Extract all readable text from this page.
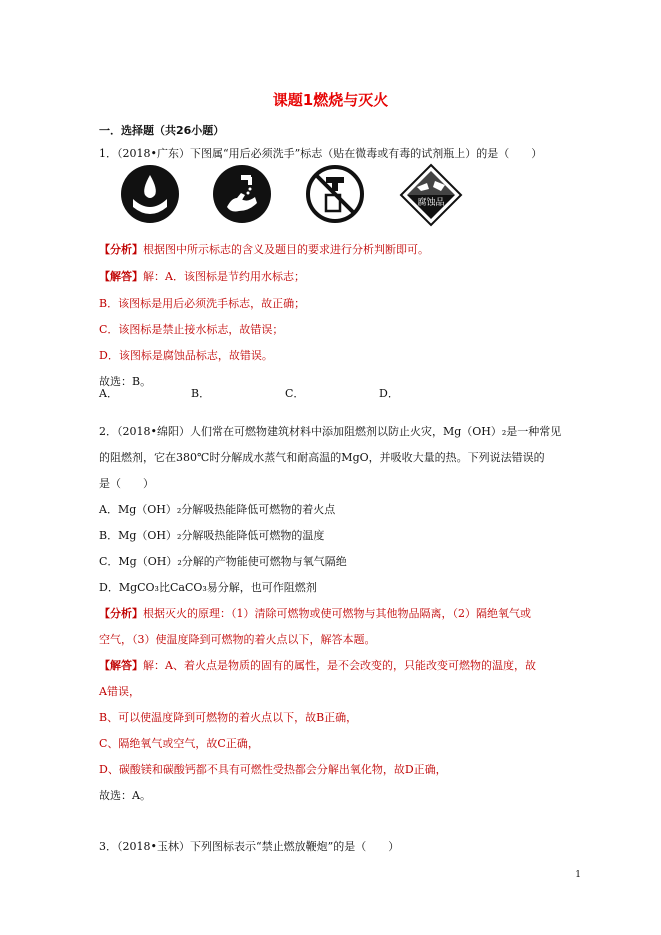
课题1燃烧与灭火
一．选择题（共26小题）
1．（2018•广东）下图属“用后必须洗手”标志（贴在微毒或有毒的试剂瓶上）的是（　　）
A．	B．	C．
腐蚀品
D．
【分析】根据图中所示标志的含义及题目的要求进行分析判断即可。
【解答】解：A．该图标是节约用水标志；
B．该图标是用后必须洗手标志，故正确；
C．该图标是禁止接水标志，故错误；
D．该图标是腐蚀品标志，故错误。
故选：B。
2．（2018•绵阳）人们常在可燃物建筑材料中添加阻燃剂以防止火灾，Mg（OH）₂是一种常见
的阻燃剂，它在380℃时分解成水蒸气和耐高温的MgO，并吸收大量的热。下列说法错误的
是（　　）
A．Mg（OH）₂分解吸热能降低可燃物的着火点
B．Mg（OH）₂分解吸热能降低可燃物的温度
C．Mg（OH）₂分解的产物能使可燃物与氧气隔绝
D．MgCO₃比CaCO₃易分解，也可作阻燃剂
【分析】根据灭火的原理：（1）清除可燃物或使可燃物与其他物品隔离，（2）隔绝氧气或
空气，（3）使温度降到可燃物的着火点以下，解答本题。
【解答】解：A、着火点是物质的固有的属性，是不会改变的，只能改变可燃物的温度，故
A错误，
B、可以使温度降到可燃物的着火点以下，故B正确，
C、隔绝氧气或空气，故C正确，
D、碳酸镁和碳酸钙都不具有可燃性受热都会分解出氧化物，故D正确，
故选：A。
3．（2018•玉林）下列图标表示“禁止燃放鞭炮”的是（　　）
1
